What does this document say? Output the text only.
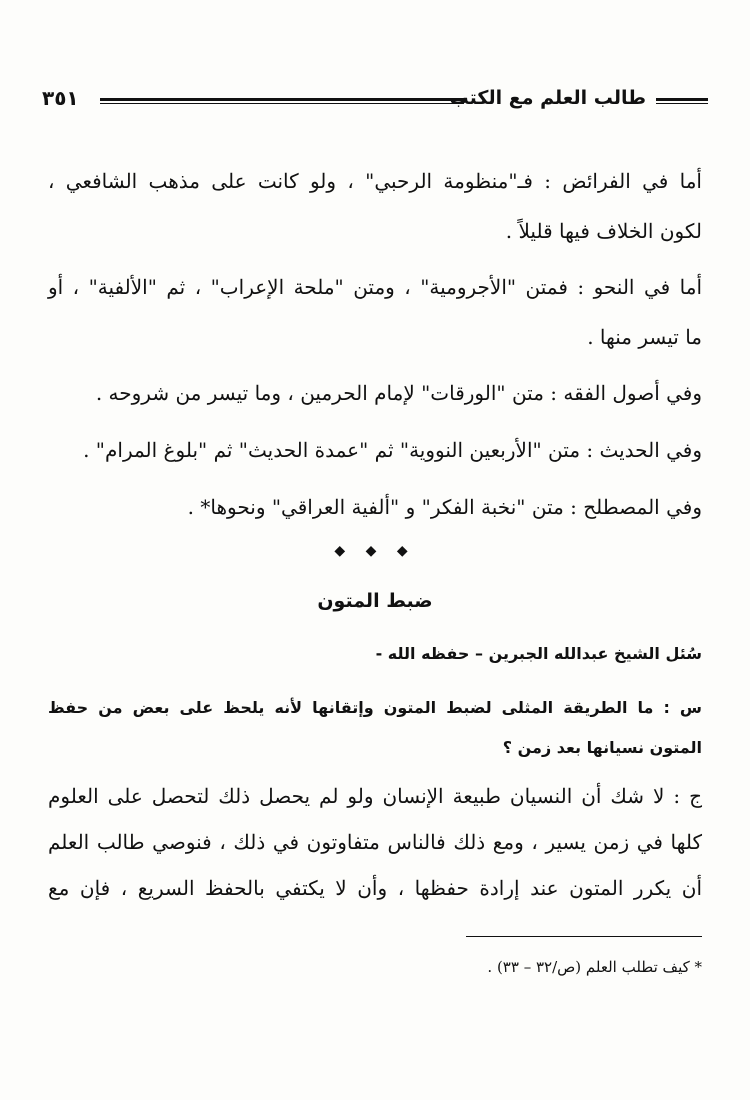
طالب العلم مع الكتب
٣٥١
أما في الفرائض : فـ"منظومة الرحبي" ، ولو كانت على مذهب الشافعي ،
لكون الخلاف فيها قليلاً .
أما في النحو : فمتن "الأجرومية" ، ومتن "ملحة الإعراب" ، ثم "الألفية" ، أو
ما تيسر منها .
وفي أصول الفقه : متن "الورقات" لإمام الحرمين ، وما تيسر من شروحه .
وفي الحديث : متن "الأربعين النووية" ثم "عمدة الحديث" ثم "بلوغ المرام" .
وفي المصطلح : متن "نخبة الفكر" و "ألفية العراقي" ونحوها* .
◆ ◆ ◆
ضبط المتون
سُئل الشيخ عبدالله الجبرين – حفظه الله -
س : ما الطريقة المثلى لضبط المتون وإتقانها لأنه يلحظ على بعض من حفظ
المتون نسيانها بعد زمن ؟
ج : لا شك أن النسيان طبيعة الإنسان ولو لم يحصل ذلك لتحصل على العلوم كلها في زمن يسير ، ومع ذلك فالناس متفاوتون في ذلك ، فنوصي طالب العلم أن يكرر المتون عند إرادة حفظها ، وأن لا يكتفي بالحفظ السريع ، فإن مع
* كيف تطلب العلم (ص/٣٢ – ٣٣) .
